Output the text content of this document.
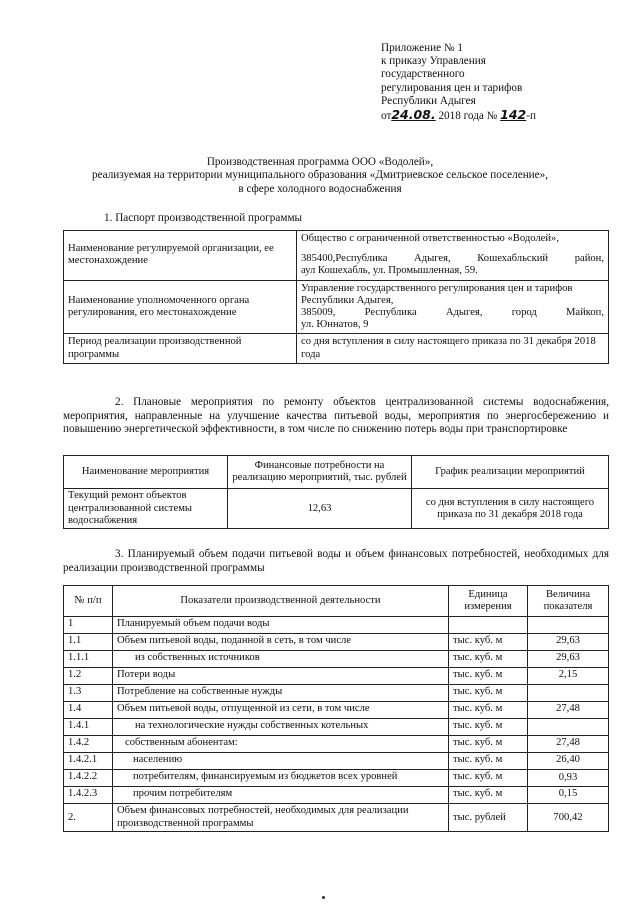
Приложение № 1
к приказу Управления
государственного
регулирования цен и тарифов
Республики Адыгея
от24.08. 2018 года № 142-п
Производственная программа ООО «Водолей»,
реализуемая на территории муниципального образования «Дмитриевское сельское поселение»,
в сфере холодного водоснабжения
1. Паспорт производственной программы
Наименование регулируемой организации, ее местонахождение	Общество с ограниченной ответственностью «Водолей»,
385400,Республика Адыгея, Кошехабльский район,
аул Кошехабль, ул. Промышленная, 59.

Наименование уполномоченного органа регулирования, его местонахождение	Управление государственного регулирования цен и тарифов Республики Адыгея,
385009, Республика Адыгея, город Майкоп,
ул. Юннатов, 9

Период реализации производственной программы	со дня вступления в силу настоящего приказа по 31 декабря 2018 года

2. Плановые мероприятия по ремонту объектов централизованной системы водоснабжения, мероприятия, направленные на улучшение качества питьевой воды, мероприятия по энергосбережению и повышению энергетической эффективности, в том числе по снижению потерь воды при транспортировке

Наименование мероприятия	Финансовые потребности на реализацию мероприятий, тыс. рублей	График реализации мероприятий
Текущий ремонт объектов централизованной системы водоснабжения	12,63	со дня вступления в силу настоящего приказа по 31 декабря 2018 года

3. Планируемый объем подачи питьевой воды и объем финансовых потребностей, необходимых для реализации производственной программы

№ п/п	Показатели производственной деятельности	Единица измерения	Величина показателя
1	Планируемый объем подачи воды		
1.1	Объем питьевой воды, поданной в сеть, в том числе	тыс. куб. м	29,63
1.1.1	из собственных источников	тыс. куб. м	29,63
1.2	Потери воды	тыс. куб. м	2,15
1.3	Потребление на собственные нужды	тыс. куб. м	
1.4	Объем питьевой воды, отпущенной из сети, в том числе	тыс. куб. м	27,48
1.4.1	на технологические нужды собственных котельных	тыс. куб. м	
1.4.2	собственным абонентам:	тыс. куб. м	27,48
1.4.2.1	населению	тыс. куб. м	26,40
1.4.2.2	потребителям, финансируемым из бюджетов всех уровней	тыс. куб. м	0,93
1.4.2.3	прочим потребителям	тыс. куб. м	0,15
2.	Объем финансовых потребностей, необходимых для реализации производственной программы	тыс. рублей	700,42
